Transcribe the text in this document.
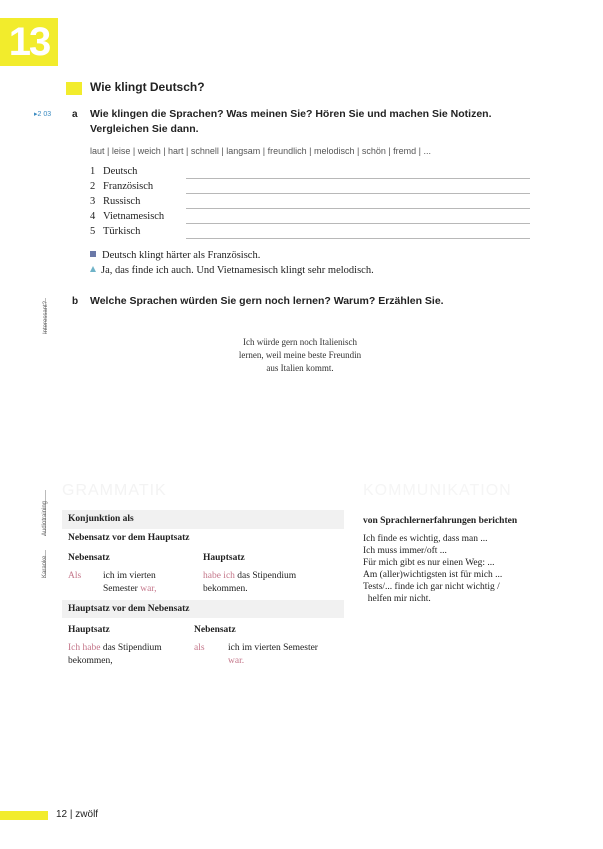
13
Wie klingt Deutsch?
▸2 03 a Wie klingen die Sprachen? Was meinen Sie? Hören Sie und machen Sie Notizen.
Vergleichen Sie dann.
laut | leise | weich | hart | schnell | langsam | freundlich | melodisch | schön | fremd | ...
1 Deutsch
2 Französisch
3 Russisch
4 Vietnamesisch
5 Türkisch
Deutsch klingt härter als Französisch.
Ja, das finde ich auch. Und Vietnamesisch klingt sehr melodisch.
b Welche Sprachen würden Sie gern noch lernen? Warum? Erzählen Sie.
Interessant?
Ich würde gern noch Italienisch
lernen, weil meine beste Freundin
aus Italien kommt.
GRAMMATIK
Audiotraining
Karaoke
Konjunktion als
Nebensatz vor dem Hauptsatz
Nebensatz	Hauptsatz
Als ich im vierten
Semester war,
habe ich das Stipendium
bekommen.
Hauptsatz vor dem Nebensatz
Hauptsatz	Nebensatz
Ich habe das Stipendium
bekommen,
als ich im vierten Semester
war.
KOMMUNIKATION
von Sprachlernerfahrungen berichten
Ich finde es wichtig, dass man ...
Ich muss immer/oft ...
Für mich gibt es nur einen Weg: ...
Am (aller)wichtigsten ist für mich ...
Tests/... finde ich gar nicht wichtig /
helfen mir nicht.
12 | zwölf
